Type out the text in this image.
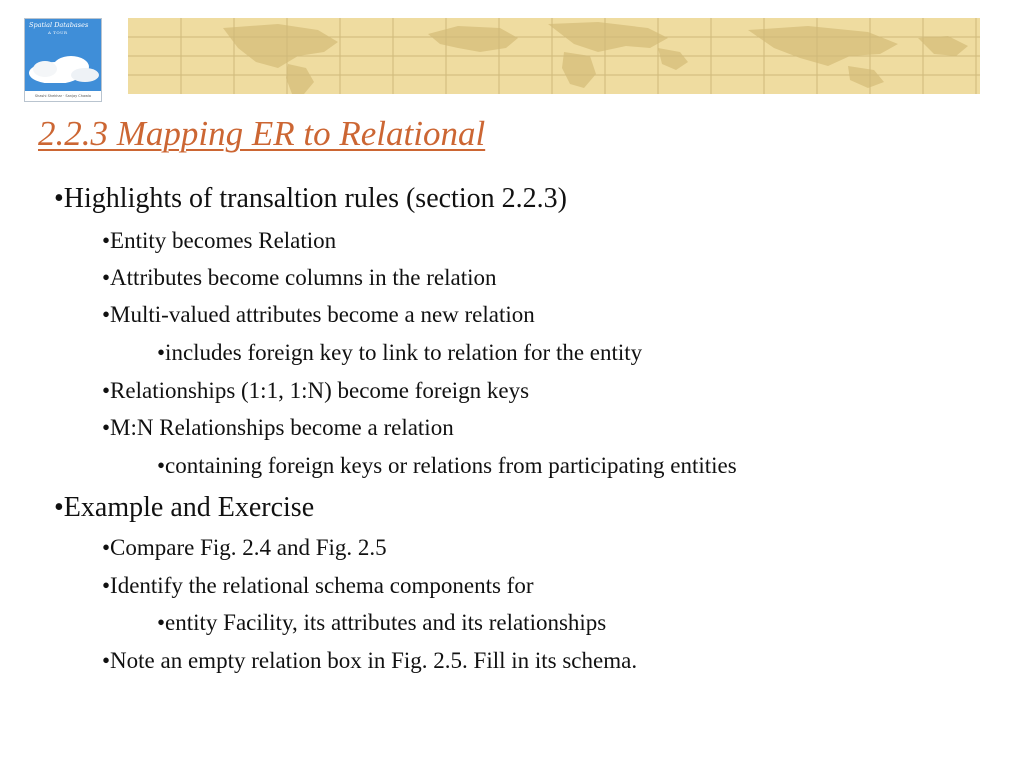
Spatial Databases
A TOUR
Shashi Shekhar · Sanjay Chawla
2.2.3 Mapping ER to Relational
•Highlights of transaltion rules (section 2.2.3)
•Entity becomes Relation
•Attributes become columns in the relation
•Multi-valued attributes become a new relation
•includes foreign key to link to relation for the entity
•Relationships (1:1, 1:N) become foreign keys
•M:N Relationships become a relation
•containing foreign keys or relations from participating entities
•Example and Exercise
•Compare Fig. 2.4 and Fig. 2.5
•Identify the relational schema components for
•entity Facility, its attributes and its relationships
•Note an empty relation box in Fig. 2.5. Fill in its schema.
